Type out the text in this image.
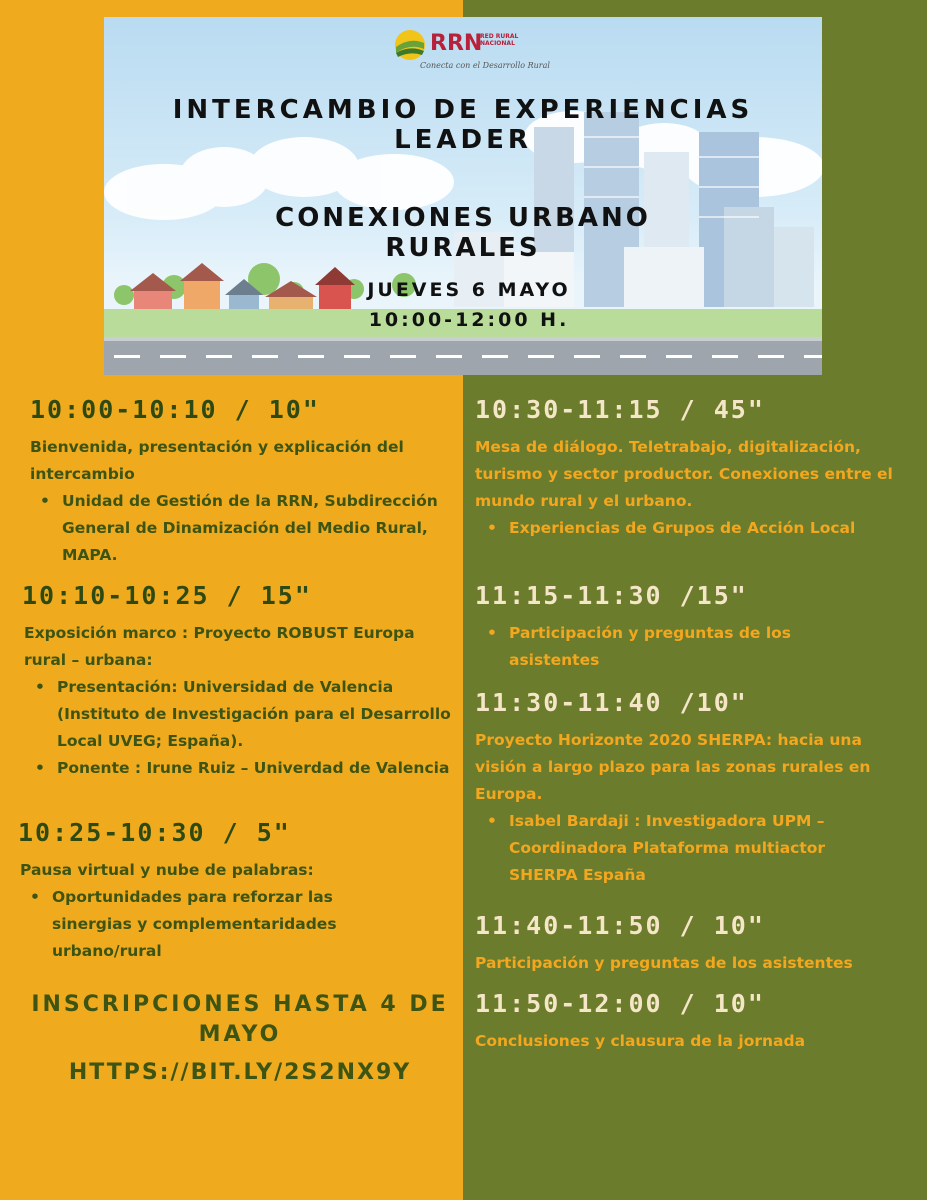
RRN
RED RURAL NACIONAL
Conecta con el Desarrollo Rural
INTERCAMBIO DE EXPERIENCIAS
LEADER
CONEXIONES URBANO
RURALES
JUEVES 6 MAYO
10:00-12:00 H.
10:00-10:10 / 10"
Bienvenida, presentación y explicación del intercambio
• Unidad de Gestión de la RRN, Subdirección General de Dinamización del Medio Rural, MAPA.
10:10-10:25 / 15"
Exposición marco : Proyecto ROBUST Europa rural – urbana:
• Presentación: Universidad de Valencia (Instituto de Investigación para el Desarrollo Local UVEG; España).
• Ponente : Irune Ruiz – Univerdad de Valencia
10:25-10:30 / 5"
Pausa virtual y nube de palabras:
• Oportunidades para reforzar las sinergias y complementaridades urbano/rural
INSCRIPCIONES HASTA 4 DE MAYO
HTTPS://BIT.LY/2S2NX9Y
10:30-11:15 / 45"
Mesa de diálogo. Teletrabajo, digitalización, turismo y sector productor. Conexiones entre el mundo rural y el urbano.
• Experiencias de Grupos de Acción Local
11:15-11:30 /15"
• Participación y preguntas de los asistentes
11:30-11:40 /10"
Proyecto Horizonte 2020 SHERPA: hacia una visión a largo plazo para las zonas rurales en Europa.
• Isabel Bardaji : Investigadora UPM – Coordinadora Plataforma multiactor SHERPA España
11:40-11:50 / 10"
Participación y preguntas de los asistentes
11:50-12:00 / 10"
Conclusiones y clausura de la jornada
